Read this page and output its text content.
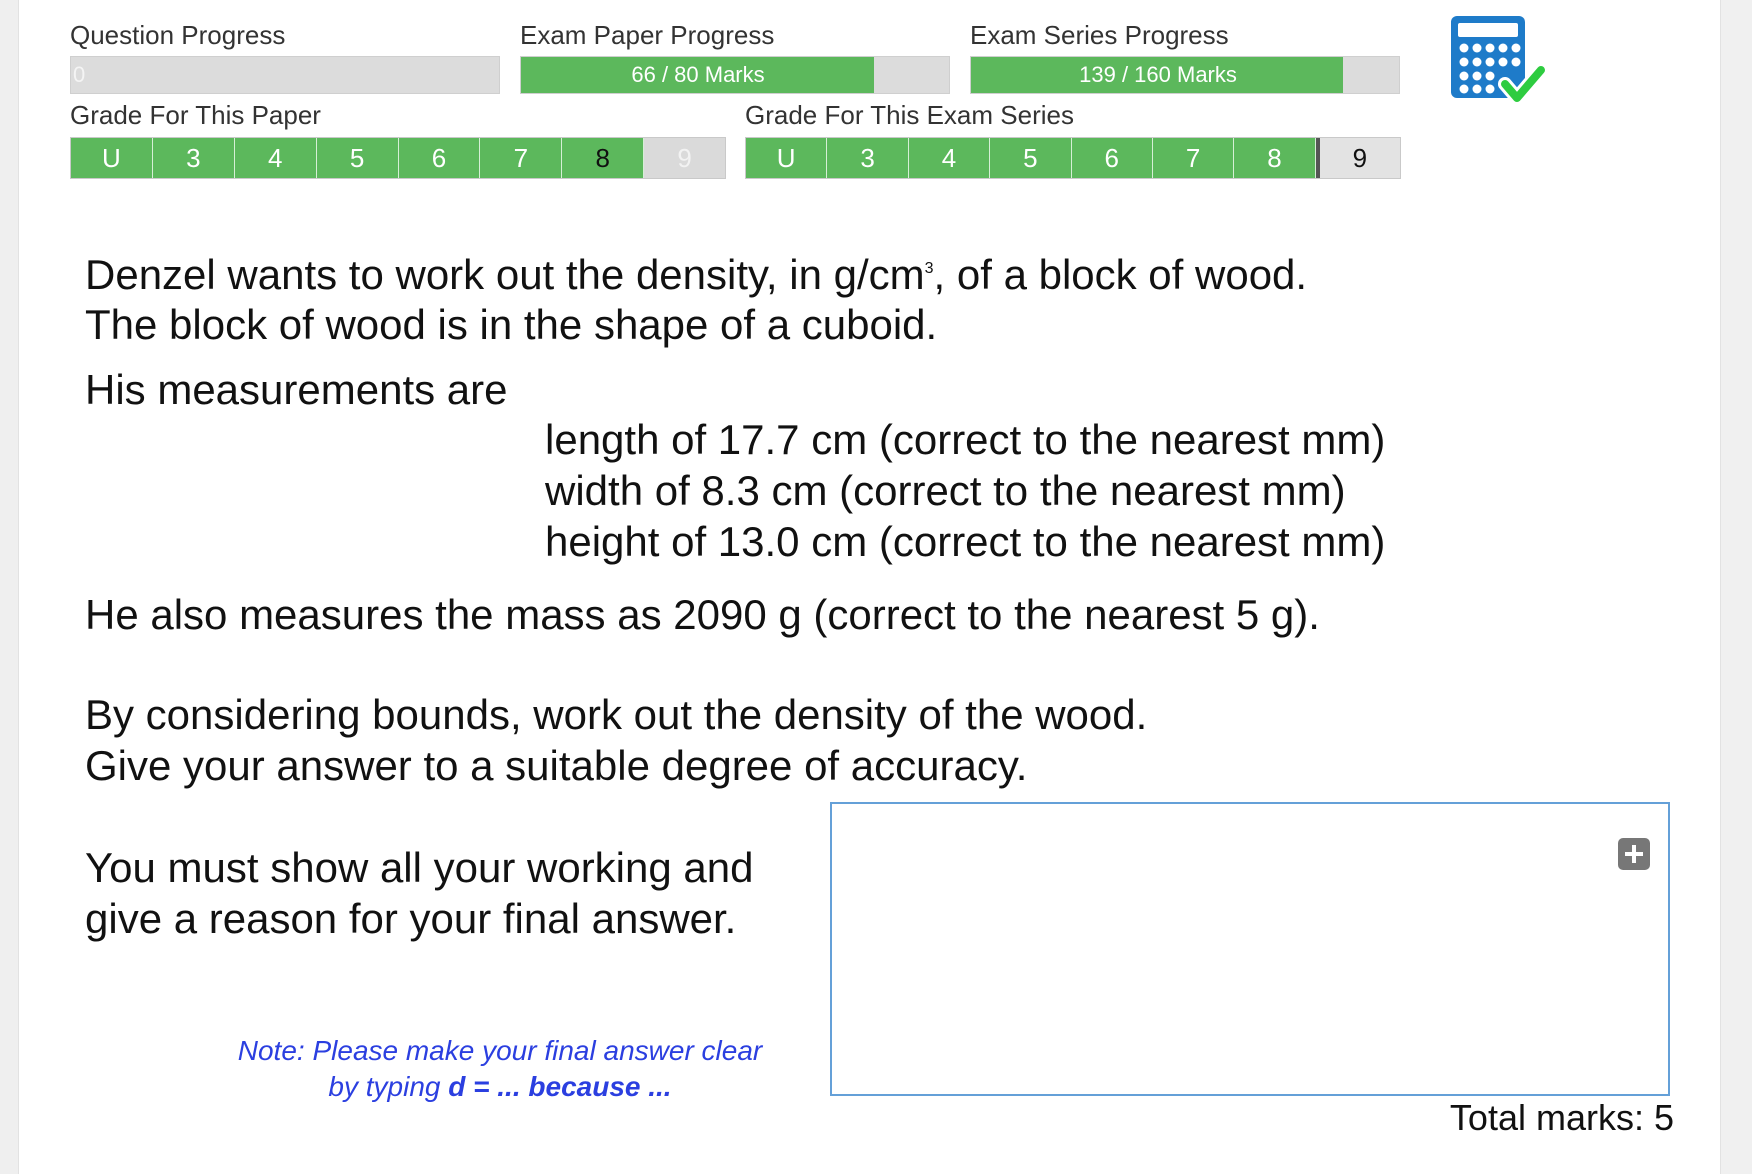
Question Progress	Exam Paper Progress	Exam Series Progress
0	66 / 80 Marks	139 / 160 Marks
Grade For This Paper	Grade For This Exam Series
U	3	4	5	6	7	8	9	U	3	4	5	6	7	8	9
Denzel wants to work out the density, in $g/cm^3$, of a block of wood.
The block of wood is in the shape of a cuboid.
His measurements are
length of 17.7 cm (correct to the nearest mm)
width of 8.3 cm (correct to the nearest mm)
height of 13.0 cm (correct to the nearest mm)
He also measures the mass as 2090 g (correct to the nearest 5 g).
By considering bounds, work out the density of the wood.
Give your answer to a suitable degree of accuracy.
You must show all your working and
give a reason for your final answer.
Note: Please make your final answer clear
by typing d = ... because ...
Total marks: 5
